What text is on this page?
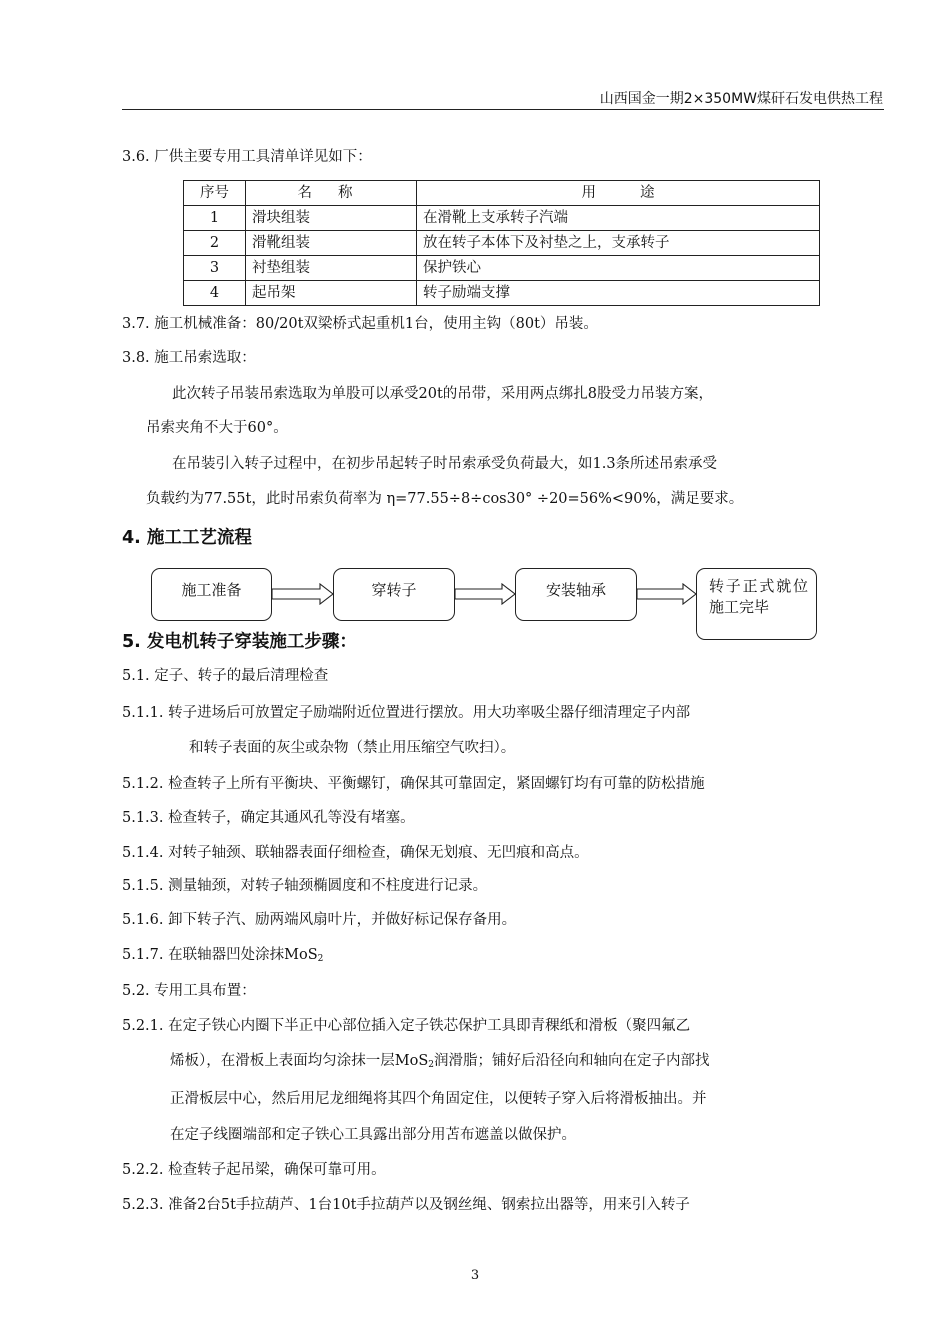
山西国金一期2×350MW煤矸石发电供热工程
3.6. 厂供主要专用工具清单详见如下：
序号	名称	用途
1	滑块组装	在滑靴上支承转子汽端
2	滑靴组装	放在转子本体下及衬垫之上，支承转子
3	衬垫组装	保护铁心
4	起吊架	转子励端支撑
3.7. 施工机械准备：80/20t双梁桥式起重机1台，使用主钩（80t）吊装。
3.8. 施工吊索选取：
此次转子吊装吊索选取为单股可以承受20t的吊带，采用两点绑扎8股受力吊装方案，
吊索夹角不大于60°。
在吊装引入转子过程中，在初步吊起转子时吊索承受负荷最大，如1.3条所述吊索承受
负载约为77.55t，此时吊索负荷率为 η=77.55÷8÷cos30° ÷20=56%<90%，满足要求。
4. 施工工艺流程
施工准备	穿转子	安装轴承	转子正式就位施工完毕
5. 发电机转子穿装施工步骤：
5.1. 定子、转子的最后清理检查
5.1.1. 转子进场后可放置定子励端附近位置进行摆放。用大功率吸尘器仔细清理定子内部
和转子表面的灰尘或杂物（禁止用压缩空气吹扫）。
5.1.2. 检查转子上所有平衡块、平衡螺钉，确保其可靠固定，紧固螺钉均有可靠的防松措施
5.1.3. 检查转子，确定其通风孔等没有堵塞。
5.1.4. 对转子轴颈、联轴器表面仔细检查，确保无划痕、无凹痕和高点。
5.1.5. 测量轴颈，对转子轴颈椭圆度和不柱度进行记录。
5.1.6. 卸下转子汽、励两端风扇叶片，并做好标记保存备用。
5.1.7. 在联轴器凹处涂抹MoS$_2$
5.2. 专用工具布置：
5.2.1. 在定子铁心内圈下半正中心部位插入定子铁芯保护工具即青稞纸和滑板（聚四氟乙
烯板），在滑板上表面均匀涂抹一层MoS$_2$润滑脂；铺好后沿径向和轴向在定子内部找
正滑板层中心，然后用尼龙细绳将其四个角固定住，以便转子穿入后将滑板抽出。并
在定子线圈端部和定子铁心工具露出部分用苫布遮盖以做保护。
5.2.2. 检查转子起吊梁，确保可靠可用。
5.2.3. 准备2台5t手拉葫芦、1台10t手拉葫芦以及钢丝绳、钢索拉出器等，用来引入转子
3
